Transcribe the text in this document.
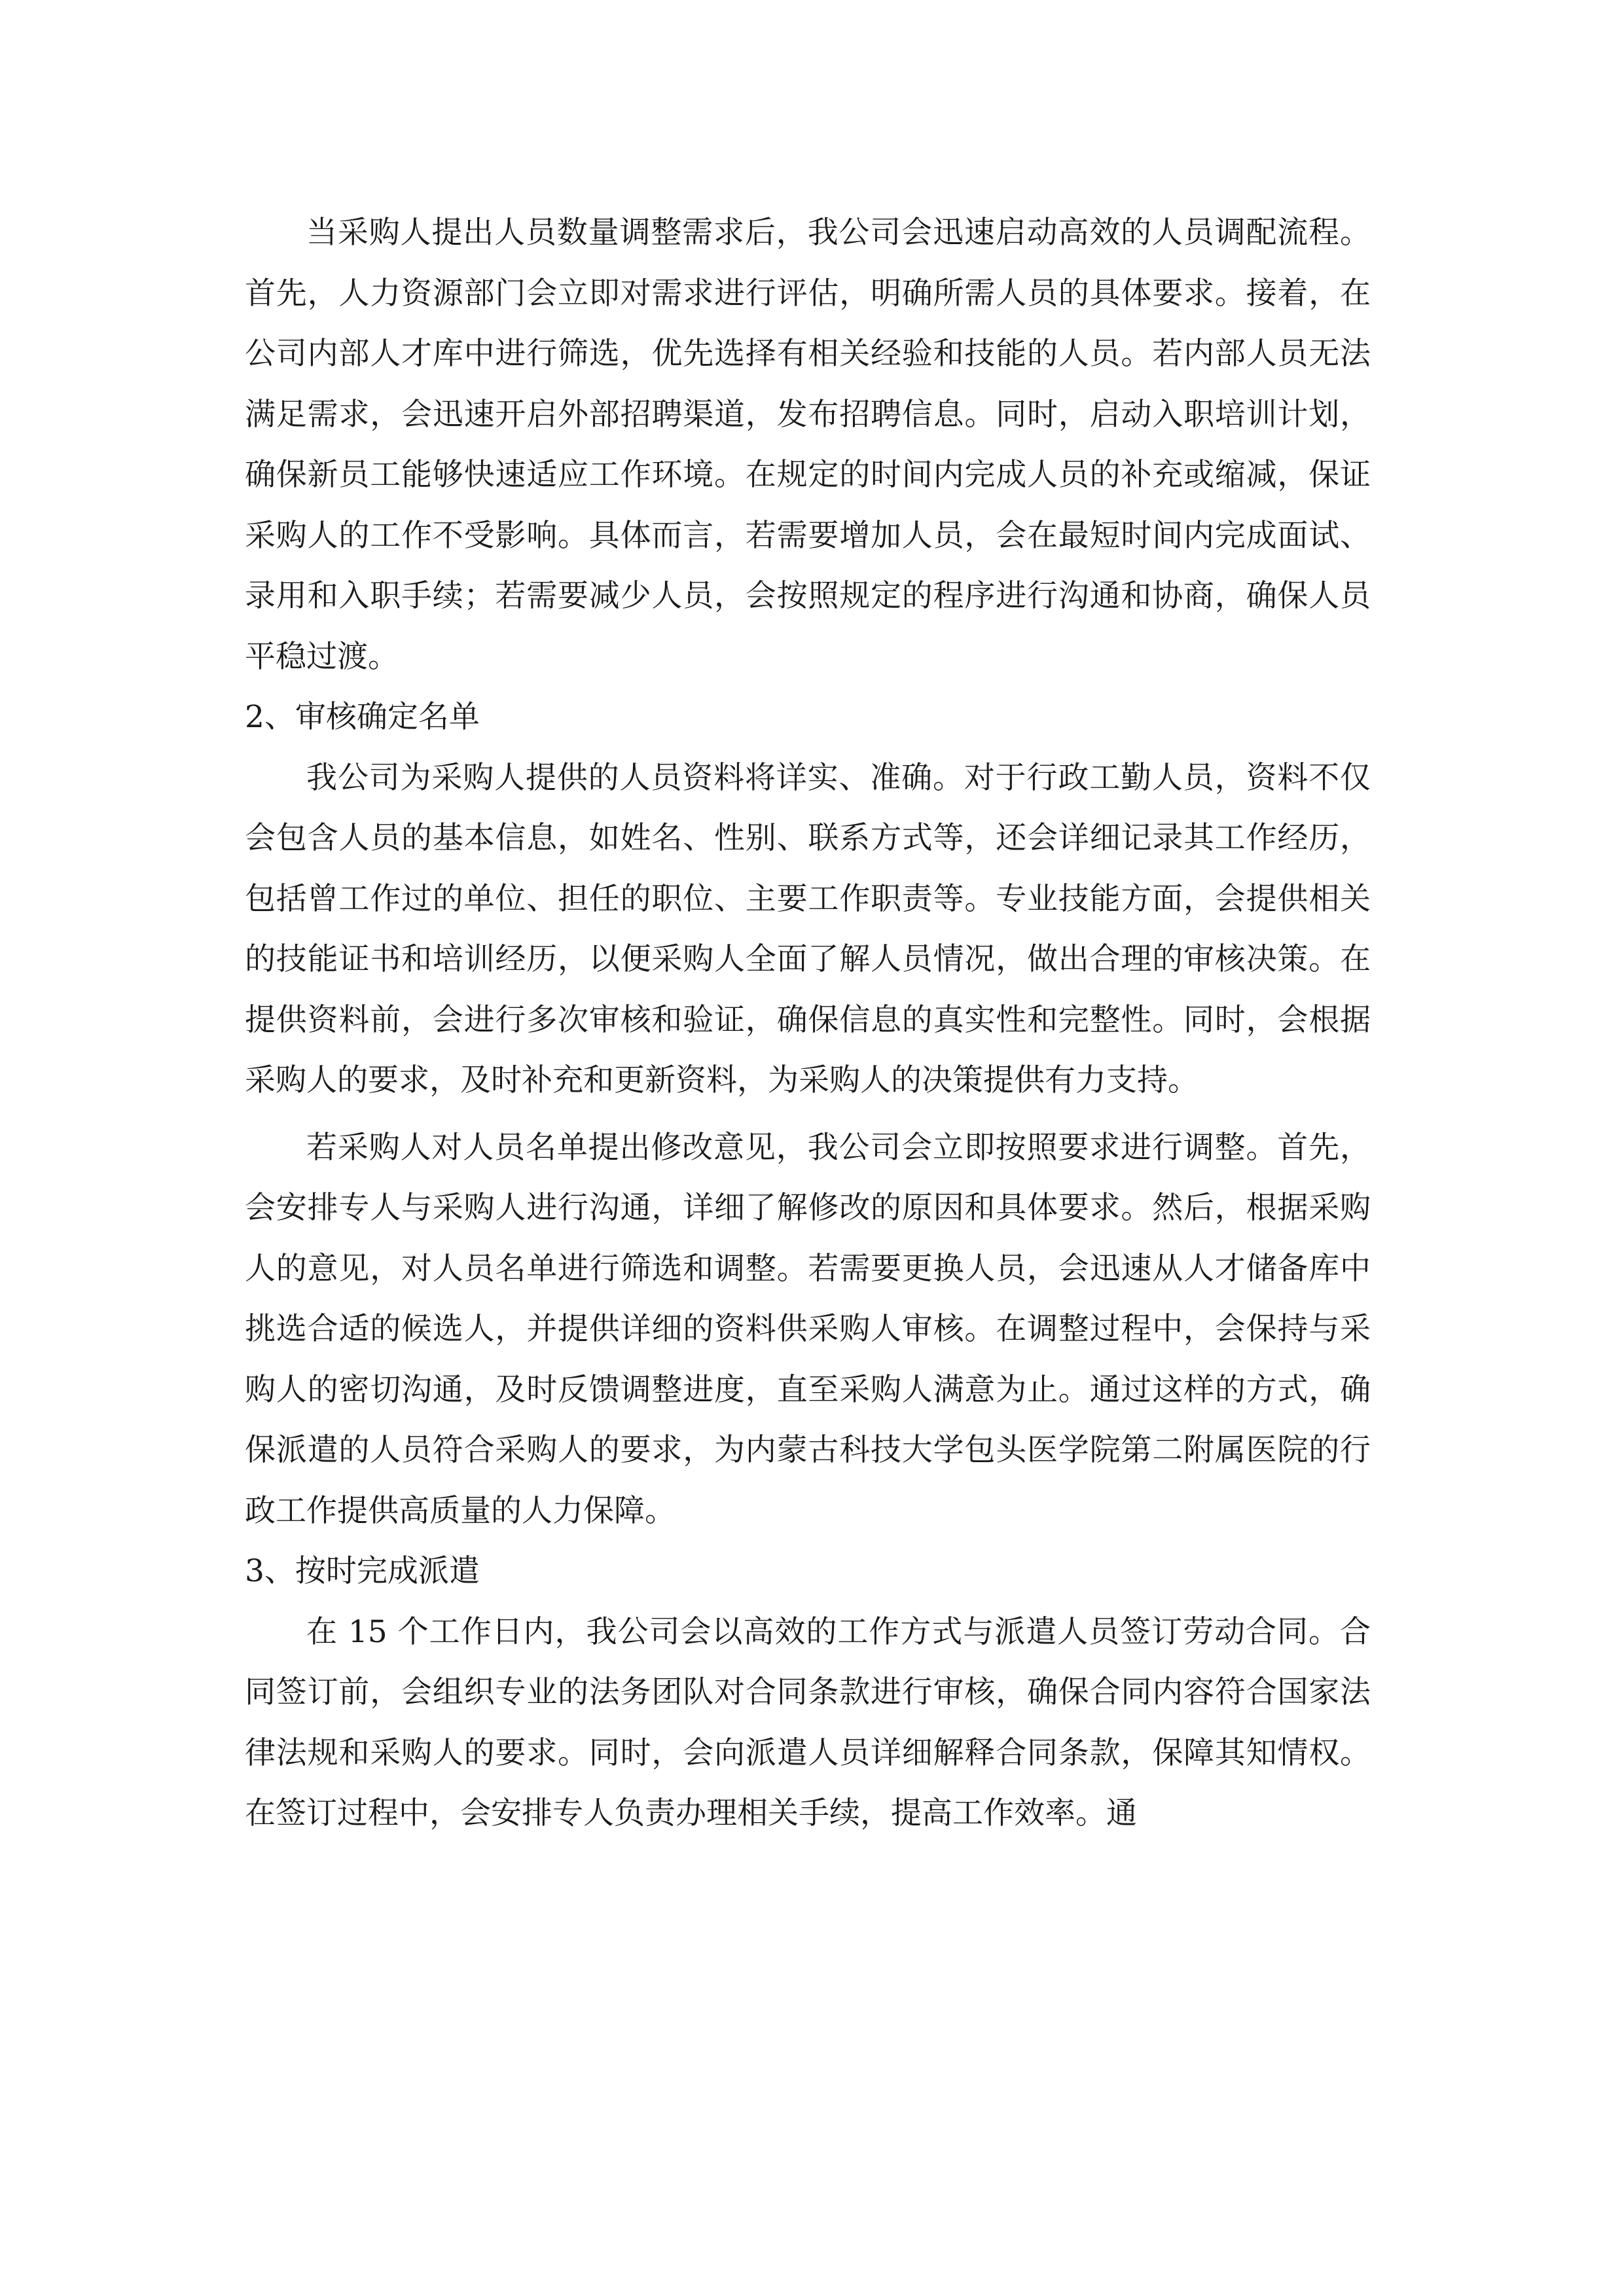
当采购人提出人员数量调整需求后，我公司会迅速启动高效的人员调配流程。首先，人力资源部门会立即对需求进行评估，明确所需人员的具体要求。接着，在公司内部人才库中进行筛选，优先选择有相关经验和技能的人员。若内部人员无法满足需求，会迅速开启外部招聘渠道，发布招聘信息。同时，启动入职培训计划，确保新员工能够快速适应工作环境。在规定的时间内完成人员的补充或缩减，保证采购人的工作不受影响。具体而言，若需要增加人员，会在最短时间内完成面试、录用和入职手续；若需要减少人员，会按照规定的程序进行沟通和协商，确保人员平稳过渡。

2、审核确定名单

我公司为采购人提供的人员资料将详实、准确。对于行政工勤人员，资料不仅会包含人员的基本信息，如姓名、性别、联系方式等，还会详细记录其工作经历，包括曾工作过的单位、担任的职位、主要工作职责等。专业技能方面，会提供相关的技能证书和培训经历，以便采购人全面了解人员情况，做出合理的审核决策。在提供资料前，会进行多次审核和验证，确保信息的真实性和完整性。同时，会根据采购人的要求，及时补充和更新资料，为采购人的决策提供有力支持。

若采购人对人员名单提出修改意见，我公司会立即按照要求进行调整。首先，会安排专人与采购人进行沟通，详细了解修改的原因和具体要求。然后，根据采购人的意见，对人员名单进行筛选和调整。若需要更换人员，会迅速从人才储备库中挑选合适的候选人，并提供详细的资料供采购人审核。在调整过程中，会保持与采购人的密切沟通，及时反馈调整进度，直至采购人满意为止。通过这样的方式，确保派遣的人员符合采购人的要求，为内蒙古科技大学包头医学院第二附属医院的行政工作提供高质量的人力保障。

3、按时完成派遣

在 15 个工作日内，我公司会以高效的工作方式与派遣人员签订劳动合同。合同签订前，会组织专业的法务团队对合同条款进行审核，确保合同内容符合国家法律法规和采购人的要求。同时，会向派遣人员详细解释合同条款，保障其知情权。在签订过程中，会安排专人负责办理相关手续，提高工作效率。通
